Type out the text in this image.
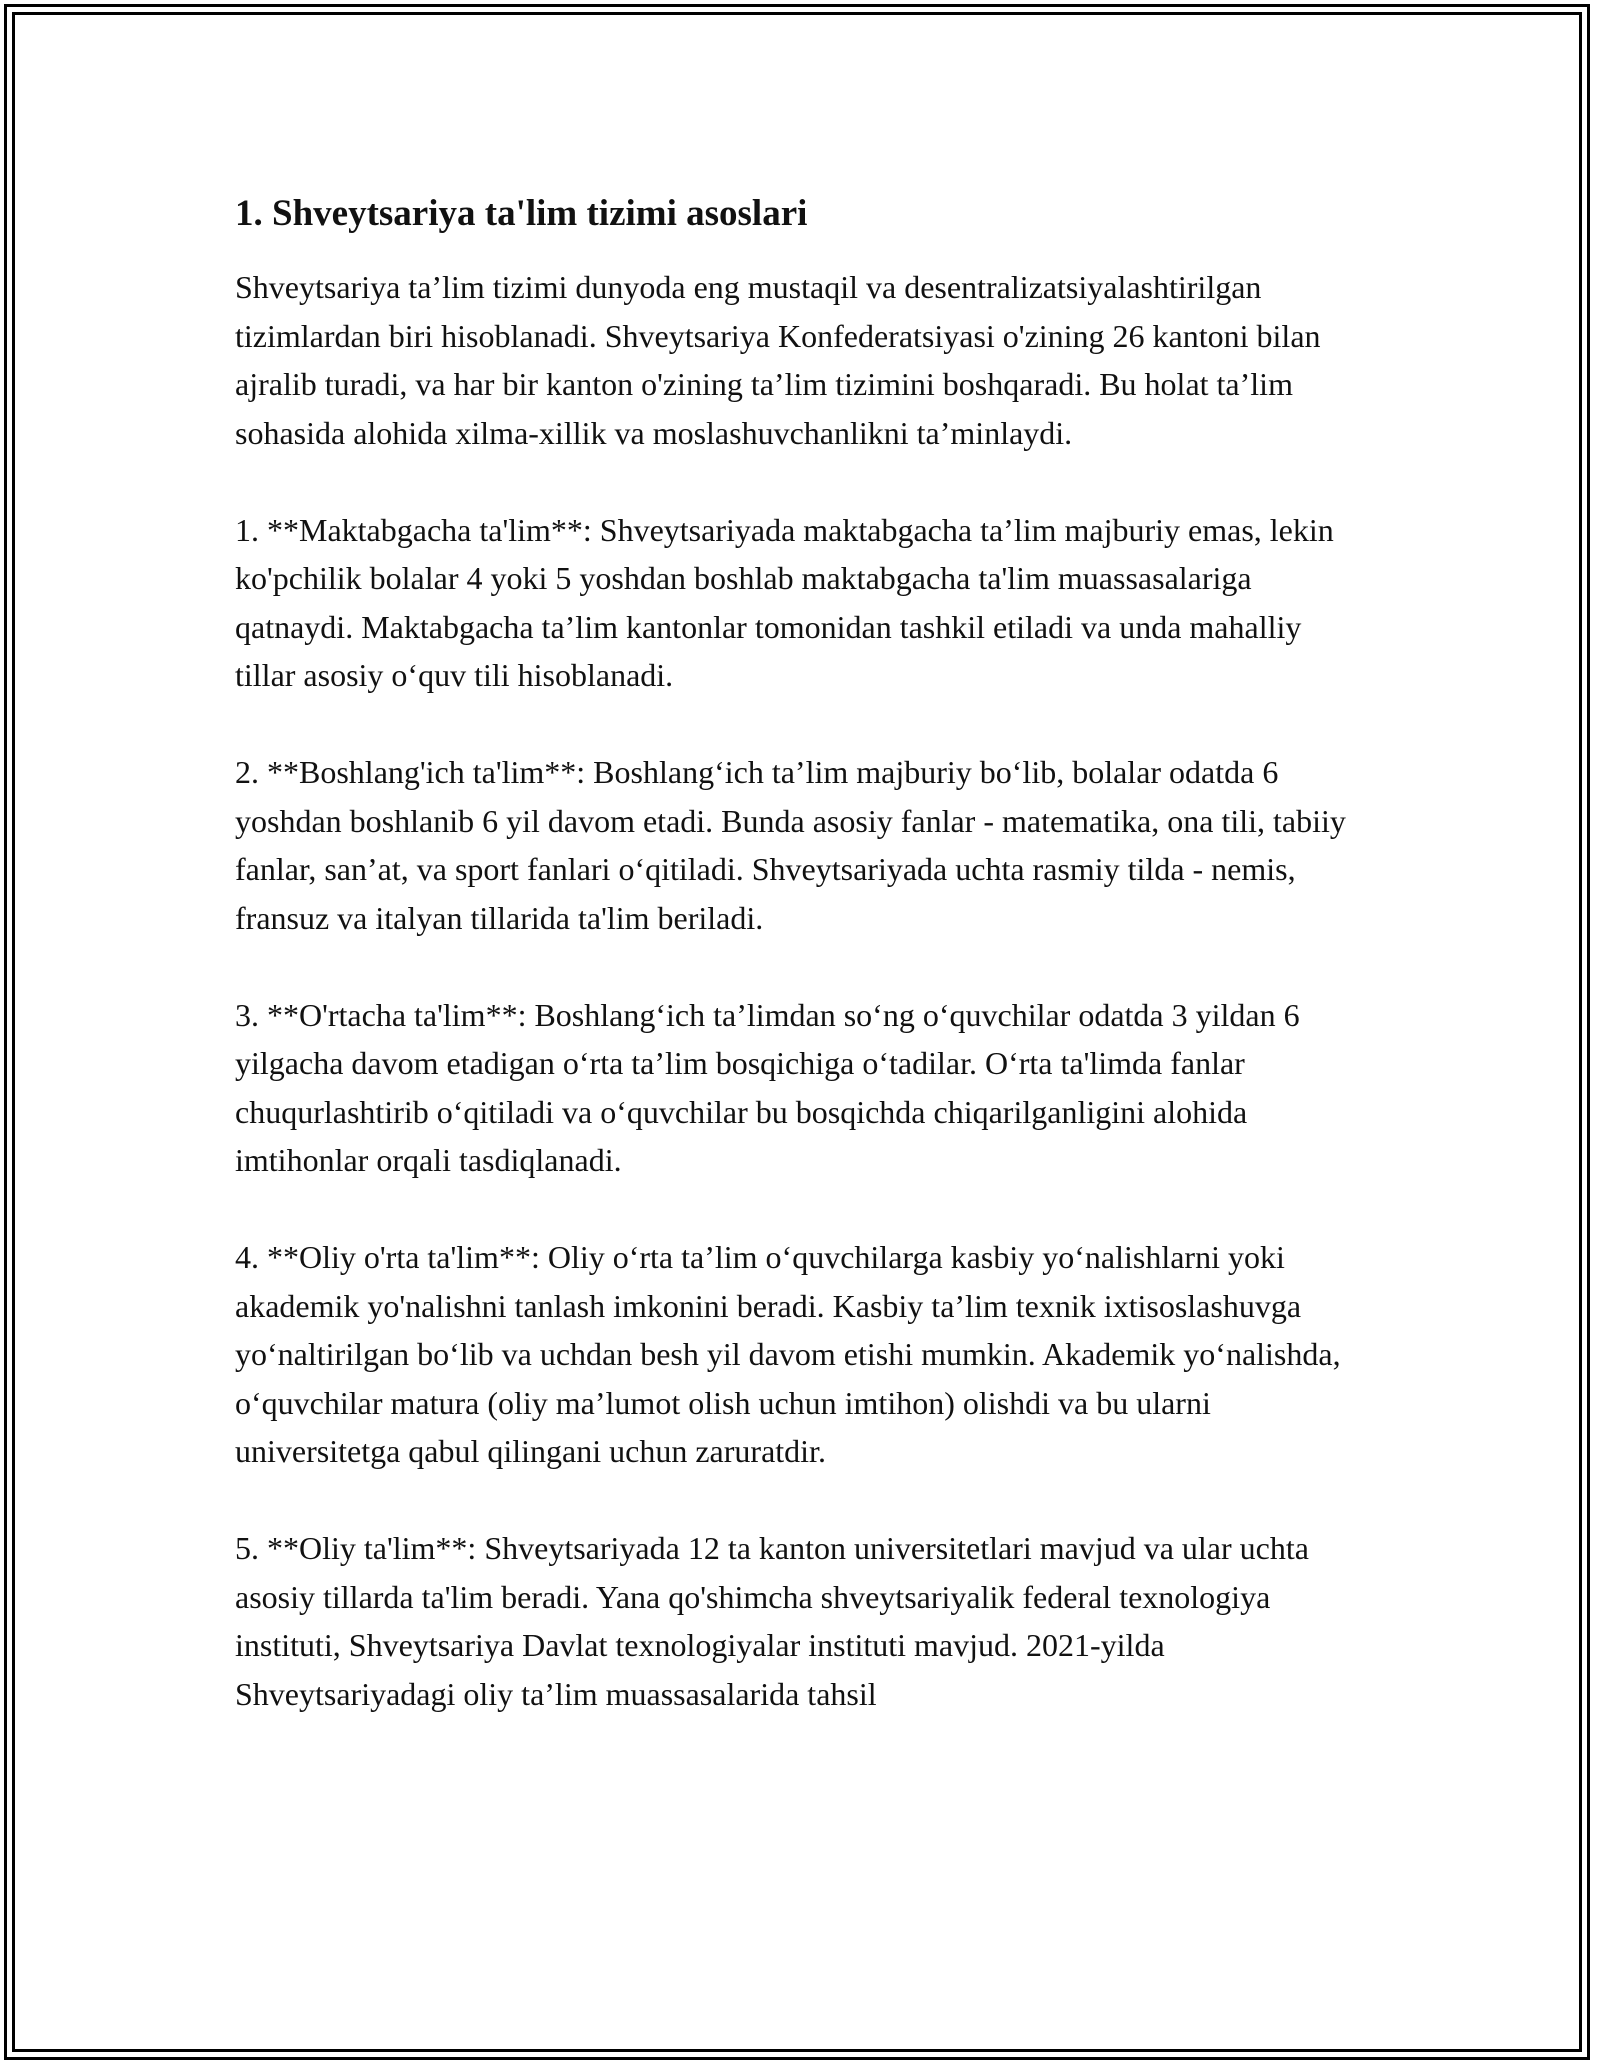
1. Shveytsariya ta'lim tizimi asoslari
Shveytsariya ta’lim tizimi dunyoda eng mustaqil va desentralizatsiyalashtirilgan tizimlardan biri hisoblanadi. Shveytsariya Konfederatsiyasi o'zining 26 kantoni bilan ajralib turadi, va har bir kanton o'zining ta’lim tizimini boshqaradi. Bu holat ta’lim sohasida alohida xilma-xillik va moslashuvchanlikni ta’minlaydi.
1. **Maktabgacha ta'lim**: Shveytsariyada maktabgacha ta’lim majburiy emas, lekin ko'pchilik bolalar 4 yoki 5 yoshdan boshlab maktabgacha ta'lim muassasalariga qatnaydi. Maktabgacha ta’lim kantonlar tomonidan tashkil etiladi va unda mahalliy tillar asosiy o‘quv tili hisoblanadi.
2. **Boshlang'ich ta'lim**: Boshlang‘ich ta’lim majburiy bo‘lib, bolalar odatda 6 yoshdan boshlanib 6 yil davom etadi. Bunda asosiy fanlar - matematika, ona tili, tabiiy fanlar, san’at, va sport fanlari o‘qitiladi. Shveytsariyada uchta rasmiy tilda - nemis, fransuz va italyan tillarida ta'lim beriladi.
3. **O'rtacha ta'lim**: Boshlang‘ich ta’limdan so‘ng o‘quvchilar odatda 3 yildan 6 yilgacha davom etadigan o‘rta ta’lim bosqichiga o‘tadilar. O‘rta ta'limda fanlar chuqurlashtirib o‘qitiladi va o‘quvchilar bu bosqichda chiqarilganligini alohida imtihonlar orqali tasdiqlanadi.
4. **Oliy o'rta ta'lim**: Oliy o‘rta ta’lim o‘quvchilarga kasbiy yo‘nalishlarni yoki akademik yo'nalishni tanlash imkonini beradi. Kasbiy ta’lim texnik ixtisoslashuvga yo‘naltirilgan bo‘lib va uchdan besh yil davom etishi mumkin. Akademik yo‘nalishda, o‘quvchilar matura (oliy ma’lumot olish uchun imtihon) olishdi va bu ularni universitetga qabul qilingani uchun zaruratdir.
5. **Oliy ta'lim**: Shveytsariyada 12 ta kanton universitetlari mavjud va ular uchta asosiy tillarda ta'lim beradi. Yana qo'shimcha shveytsariyalik federal texnologiya instituti, Shveytsariya Davlat texnologiyalar instituti mavjud. 2021-yilda Shveytsariyadagi oliy ta’lim muassasalarida tahsil
